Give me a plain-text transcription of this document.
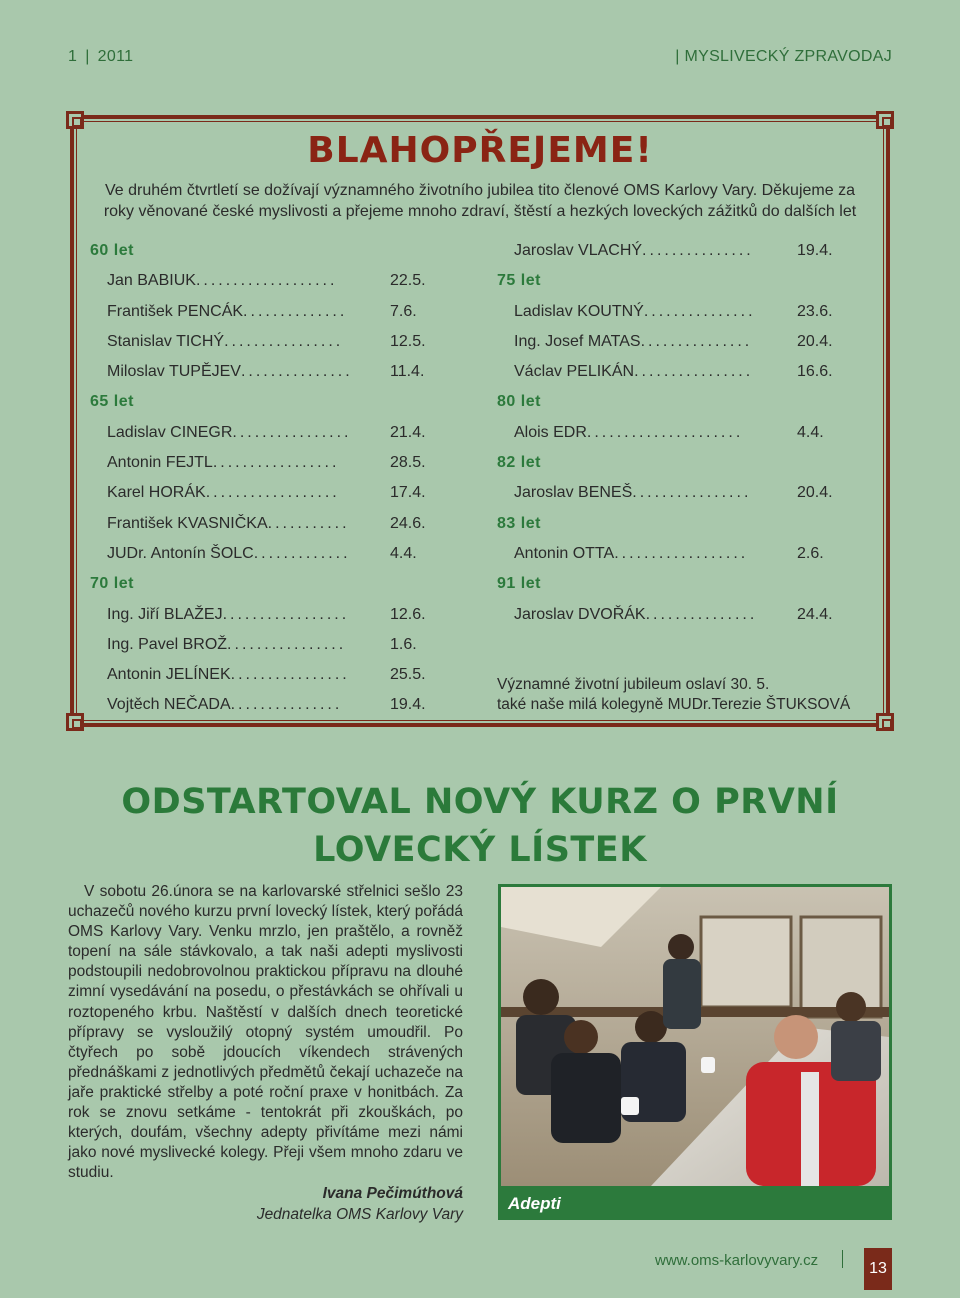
1 | 2011	| MYSLIVECKÝ ZPRAVODAJ
BLAHOPŘEJEME!
Ve druhém čtvrtletí se dožívají významného životního jubilea tito členové OMS Karlovy Vary. Děkujeme za roky věnované české myslivosti a přejeme mnoho zdraví, štěstí a hezkých loveckých zážitků do dalších let
60 let
Jan BABIUK...................	22.5.
František PENCÁK..............	7.6.
Stanislav TICHÝ................	12.5.
Miloslav TUPĚJEV............... 11.4.
65 let
Ladislav CINEGR................ 21.4.
Antonin FEJTL.................	28.5.
Karel HORÁK..................	17.4.
František KVASNIČKA...........	24.6.
JUDr. Antonín ŠOLC............. 4.4.
70 let
Ing. Jiří BLAŽEJ.................	12.6.
Ing. Pavel BROŽ................	1.6.
Antonin JELÍNEK................	25.5.
Vojtěch NEČADA...............	19.4.
Jaroslav VLACHÝ...............	19.4.
75 let
Ladislav KOUTNÝ...............	23.6.
Ing. Josef MATAS...............	20.4.
Václav PELIKÁN................	16.6.
80 let
Alois EDR.....................	4.4.
82 let
Jaroslav BENEŠ................	20.4.
83 let
Antonin OTTA..................	2.6.
91 let
Jaroslav DVOŘÁK............... 24.4.
Významné životní jubileum oslaví 30. 5.
také naše milá kolegyně MUDr.Terezie ŠTUKSOVÁ
ODSTARTOVAL NOVÝ KURZ O PRVNÍ
LOVECKÝ LÍSTEK

V sobotu 26.února se na karlovarské střelnici sešlo 23 uchazečů nového kurzu první lovecký lístek, který pořádá OMS Karlovy Vary. Venku mrzlo, jen praštělo, a rovněž topení na sále stávkovalo, a tak naši adepti myslivosti podstoupili nedobrovolnou praktickou přípravu na dlouhé zimní vysedávání na posedu, o přestávkách se ohřívali u roztopeného krbu. Naštěstí v dalších dnech teoretické přípravy se vysloužilý otopný systém umoudřil. Po čtyřech po sobě jdoucích víkendech strávených přednáškami z jednotlivých předmětů čekají uchazeče na jaře praktické střelby a poté roční praxe v honitbách. Za rok se znovu setkáme - tentokrát při zkouškách, po kterých, doufám, všechny adepty přivítáme mezi námi jako nové myslivecké kolegy. Přeji všem mnoho zdaru ve studiu.

Ivana Pečimúthová
Jednatelka OMS Karlovy Vary
Adepti
www.oms-karlovyvary.cz	13
